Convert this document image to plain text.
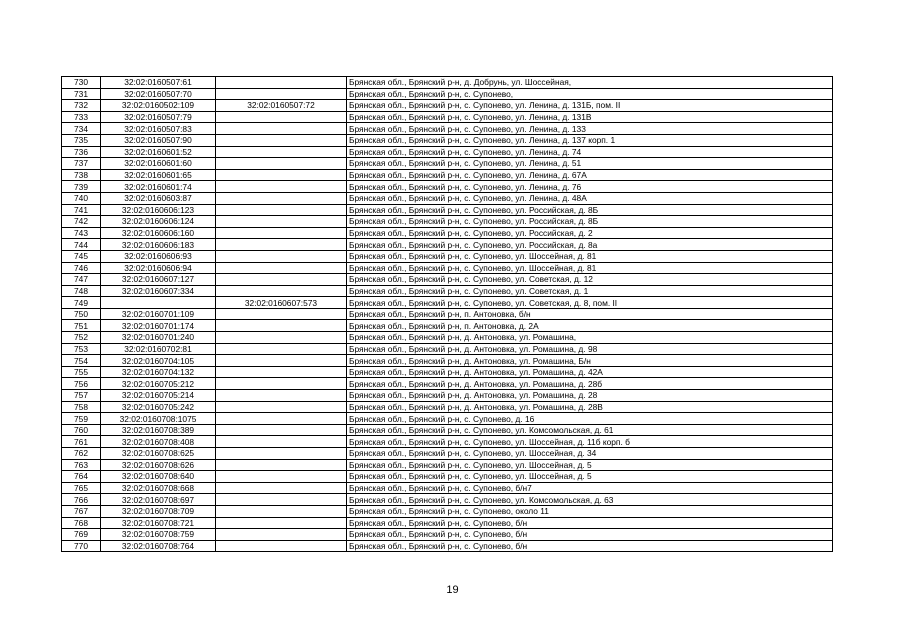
730	32:02:0160507:61		Брянская обл., Брянский р-н, д. Добрунь, ул. Шоссейная,
731	32:02:0160507:70		Брянская обл., Брянский р-н, с. Супонево,
732	32:02:0160502:109	32:02:0160507:72	Брянская обл., Брянский р-н, с. Супонево, ул. Ленина, д. 131Б, пом. II
733	32:02:0160507:79		Брянская обл., Брянский р-н, с. Супонево, ул. Ленина, д. 131В
734	32:02:0160507:83		Брянская обл., Брянский р-н, с. Супонево, ул. Ленина, д. 133
735	32:02:0160507:90		Брянская обл., Брянский р-н, с. Супонево, ул. Ленина, д. 137 корп. 1
736	32:02:0160601:52		Брянская обл., Брянский р-н, с. Супонево, ул. Ленина, д. 74
737	32:02:0160601:60		Брянская обл., Брянский р-н, с. Супонево, ул. Ленина, д. 51
738	32:02:0160601:65		Брянская обл., Брянский р-н, с. Супонево, ул. Ленина, д. 67А
739	32:02:0160601:74		Брянская обл., Брянский р-н, с. Супонево, ул. Ленина, д. 76
740	32:02:0160603:87		Брянская обл., Брянский р-н, с. Супонево, ул. Ленина, д. 48А
741	32:02:0160606:123		Брянская обл., Брянский р-н, с. Супонево, ул. Российская, д. 8Б
742	32:02:0160606:124		Брянская обл., Брянский р-н, с. Супонево, ул. Российская, д. 8Б
743	32:02:0160606:160		Брянская обл., Брянский р-н, с. Супонево, ул. Российская, д. 2
744	32:02:0160606:183		Брянская обл., Брянский р-н, с. Супонево, ул. Российская, д. 8а
745	32:02:0160606:93		Брянская обл., Брянский р-н, с. Супонево, ул. Шоссейная, д. 81
746	32:02:0160606:94		Брянская обл., Брянский р-н, с. Супонево, ул. Шоссейная, д. 81
747	32:02:0160607:127		Брянская обл., Брянский р-н, с. Супонево, ул. Советская, д. 12
748	32:02:0160607:334		Брянская обл., Брянский р-н, с. Супонево, ул. Советская, д. 1
749		32:02:0160607:573	Брянская обл., Брянский р-н, с. Супонево, ул. Советская, д. 8, пом. II
750	32:02:0160701:109		Брянская обл., Брянский р-н, п. Антоновка, б/н
751	32:02:0160701:174		Брянская обл., Брянский р-н, п. Антоновка, д. 2А
752	32:02:0160701:240		Брянская обл., Брянский р-н, д. Антоновка, ул. Ромашина,
753	32:02:0160702:81		Брянская обл., Брянский р-н, д. Антоновка, ул. Ромашина, д. 98
754	32:02:0160704:105		Брянская обл., Брянский р-н, д. Антоновка, ул. Ромашина, Б/н
755	32:02:0160704:132		Брянская обл., Брянский р-н, д. Антоновка, ул. Ромашина, д. 42А
756	32:02:0160705:212		Брянская обл., Брянский р-н, д. Антоновка, ул. Ромашина, д. 28б
757	32:02:0160705:214		Брянская обл., Брянский р-н, д. Антоновка, ул. Ромашина, д. 28
758	32:02:0160705:242		Брянская обл., Брянский р-н, д. Антоновка, ул. Ромашина, д. 28В
759	32:02:0160708:1075		Брянская обл., Брянский р-н, с. Супонево, д. 16
760	32:02:0160708:389		Брянская обл., Брянский р-н, с. Супонево, ул. Комсомольская, д. 61
761	32:02:0160708:408		Брянская обл., Брянский р-н, с. Супонево, ул. Шоссейная, д. 11б корп. б
762	32:02:0160708:625		Брянская обл., Брянский р-н, с. Супонево, ул. Шоссейная, д. 34
763	32:02:0160708:626		Брянская обл., Брянский р-н, с. Супонево, ул. Шоссейная, д. 5
764	32:02:0160708:640		Брянская обл., Брянский р-н, с. Супонево, ул. Шоссейная, д. 5
765	32:02:0160708:668		Брянская обл., Брянский р-н, с. Супонево, б/н7
766	32:02:0160708:697		Брянская обл., Брянский р-н, с. Супонево, ул. Комсомольская, д. 63
767	32:02:0160708:709		Брянская обл., Брянский р-н, с. Супонево, около 11
768	32:02:0160708:721		Брянская обл., Брянский р-н, с. Супонево, б/н
769	32:02:0160708:759		Брянская обл., Брянский р-н, с. Супонево, б/н
770	32:02:0160708:764		Брянская обл., Брянский р-н, с. Супонево, б/н
19
